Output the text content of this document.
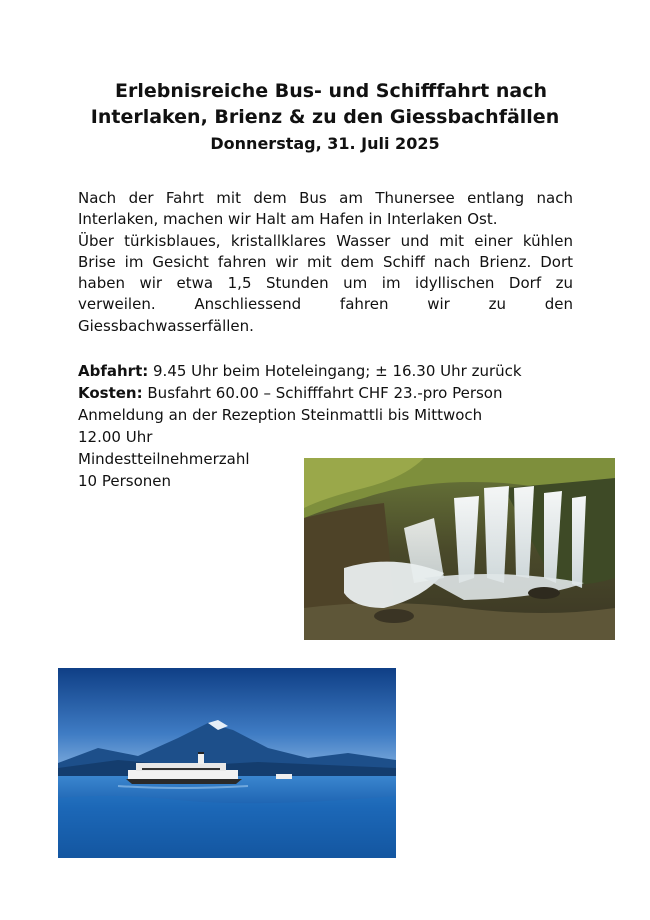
Erlebnisreiche Bus- und Schifffahrt nach
Interlaken, Brienz & zu den Giessbachfällen
Donnerstag, 31. Juli 2025
Nach der Fahrt mit dem Bus am Thunersee entlang nach
Interlaken, machen wir Halt am Hafen in Interlaken Ost.
Über türkisblaues, kristallklares Wasser und mit einer kühlen
Brise im Gesicht fahren wir mit dem Schiff nach Brienz. Dort
haben wir etwa 1,5 Stunden um im idyllischen Dorf zu
verweilen. Anschliessend fahren wir zu den
Giessbachwasserfällen.
Abfahrt: 9.45 Uhr beim Hoteleingang; ± 16.30 Uhr zurück
Kosten: Busfahrt 60.00 – Schifffahrt CHF 23.-pro Person
Anmeldung an der Rezeption Steinmattli bis Mittwoch
12.00 Uhr
Mindestteilnehmerzahl
10 Personen
